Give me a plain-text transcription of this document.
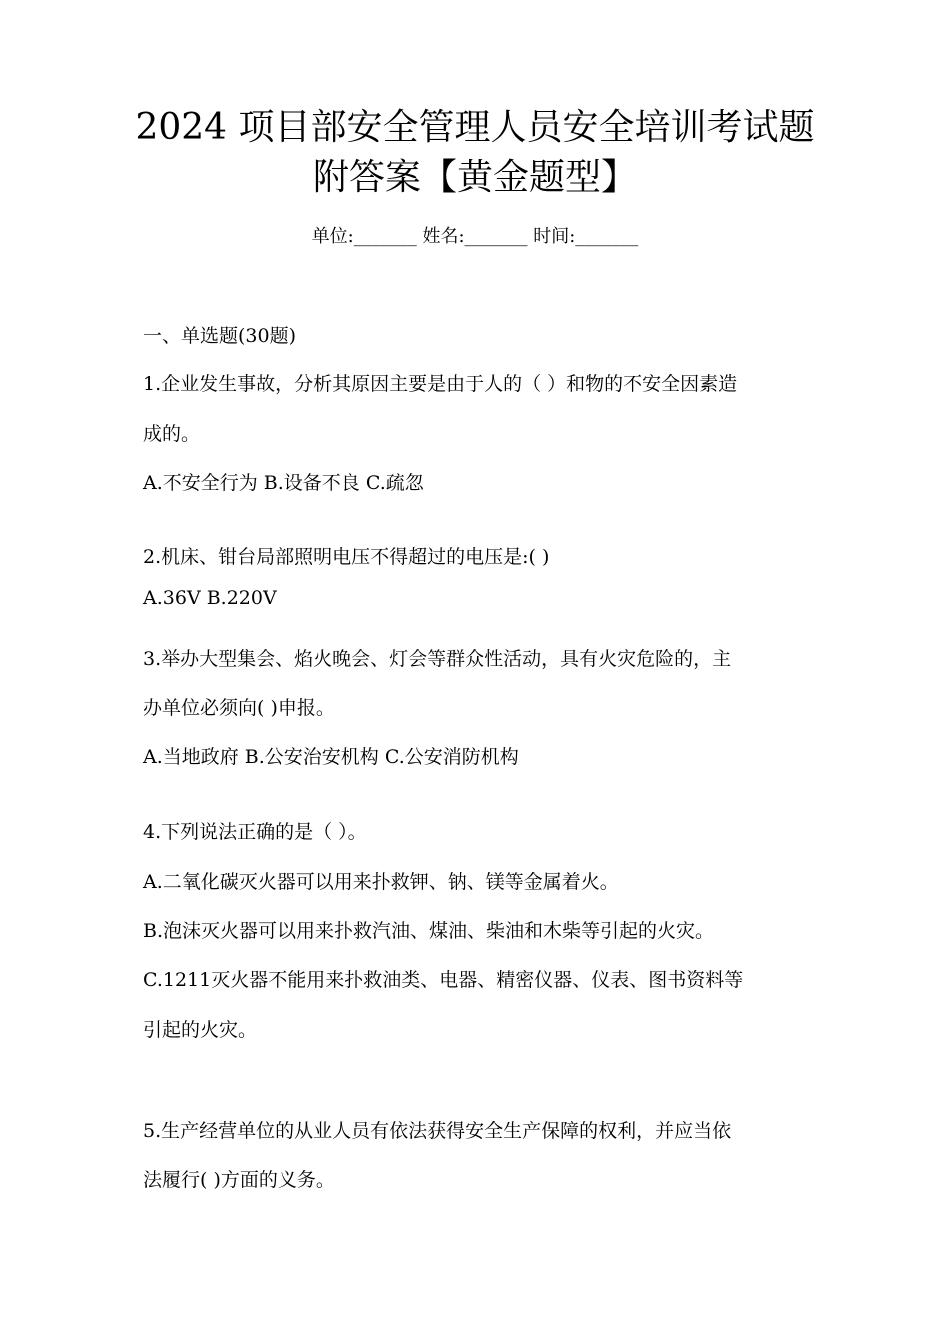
2024 项目部安全管理人员安全培训考试题
附答案【黄金题型】
单位:_______ 姓名:_______ 时间:_______
一、单选题(30题)
1.企业发生事故，分析其原因主要是由于人的（ ）和物的不安全因素造
成的。
A.不安全行为 B.设备不良 C.疏忽
2.机床、钳台局部照明电压不得超过的电压是:( )
A.36V B.220V
3.举办大型集会、焰火晚会、灯会等群众性活动，具有火灾危险的，主
办单位必须向( )申报。
A.当地政府 B.公安治安机构 C.公安消防机构
4.下列说法正确的是（ ）。
A.二氧化碳灭火器可以用来扑救钾、钠、镁等金属着火。
B.泡沫灭火器可以用来扑救汽油、煤油、柴油和木柴等引起的火灾。
C.1211灭火器不能用来扑救油类、电器、精密仪器、仪表、图书资料等
引起的火灾。
5.生产经营单位的从业人员有依法获得安全生产保障的权利，并应当依
法履行( )方面的义务。
